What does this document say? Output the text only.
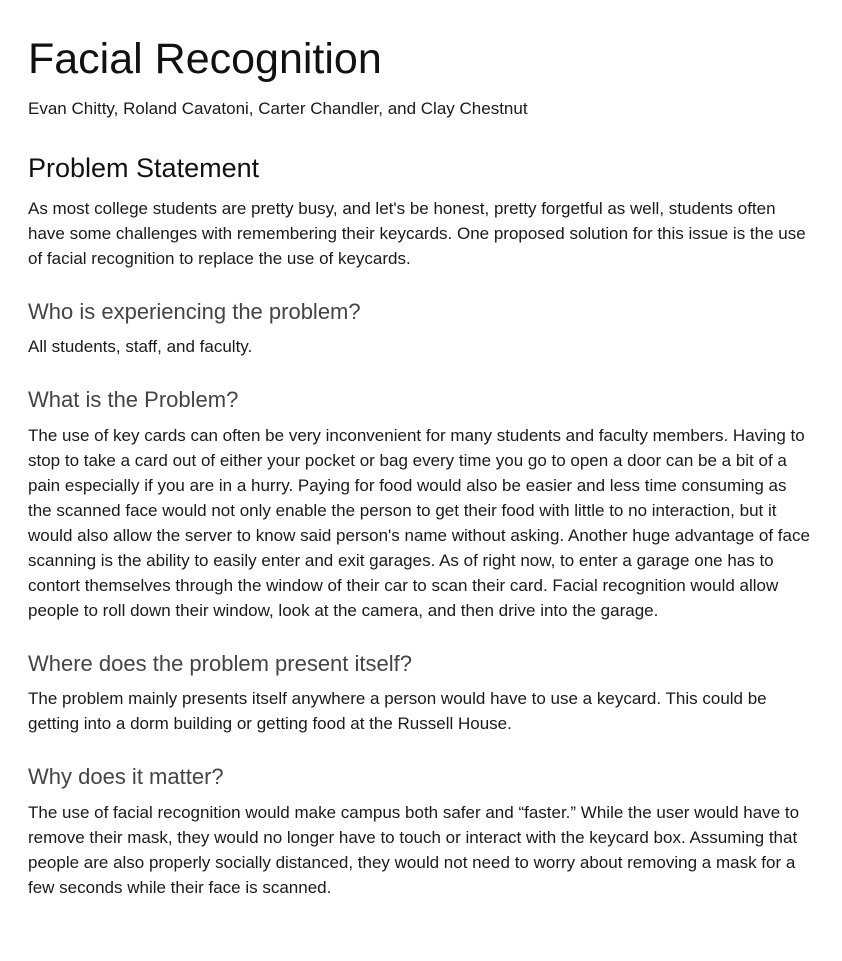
Facial Recognition

Evan Chitty, Roland Cavatoni, Carter Chandler, and Clay Chestnut

Problem Statement

As most college students are pretty busy, and let's be honest, pretty forgetful as well, students often have some challenges with remembering their keycards. One proposed solution for this issue is the use of facial recognition to replace the use of keycards.

Who is experiencing the problem?

All students, staff, and faculty.

What is the Problem?

The use of key cards can often be very inconvenient for many students and faculty members. Having to stop to take a card out of either your pocket or bag every time you go to open a door can be a bit of a pain especially if you are in a hurry. Paying for food would also be easier and less time consuming as the scanned face would not only enable the person to get their food with little to no interaction, but it would also allow the server to know said person's name without asking. Another huge advantage of face scanning is the ability to easily enter and exit garages. As of right now, to enter a garage one has to contort themselves through the window of their car to scan their card. Facial recognition would allow people to roll down their window, look at the camera, and then drive into the garage.

Where does the problem present itself?

The problem mainly presents itself anywhere a person would have to use a keycard. This could be getting into a dorm building or getting food at the Russell House.

Why does it matter?

The use of facial recognition would make campus both safer and “faster.” While the user would have to remove their mask, they would no longer have to touch or interact with the keycard box. Assuming that people are also properly socially distanced, they would not need to worry about removing a mask for a few seconds while their face is scanned.
